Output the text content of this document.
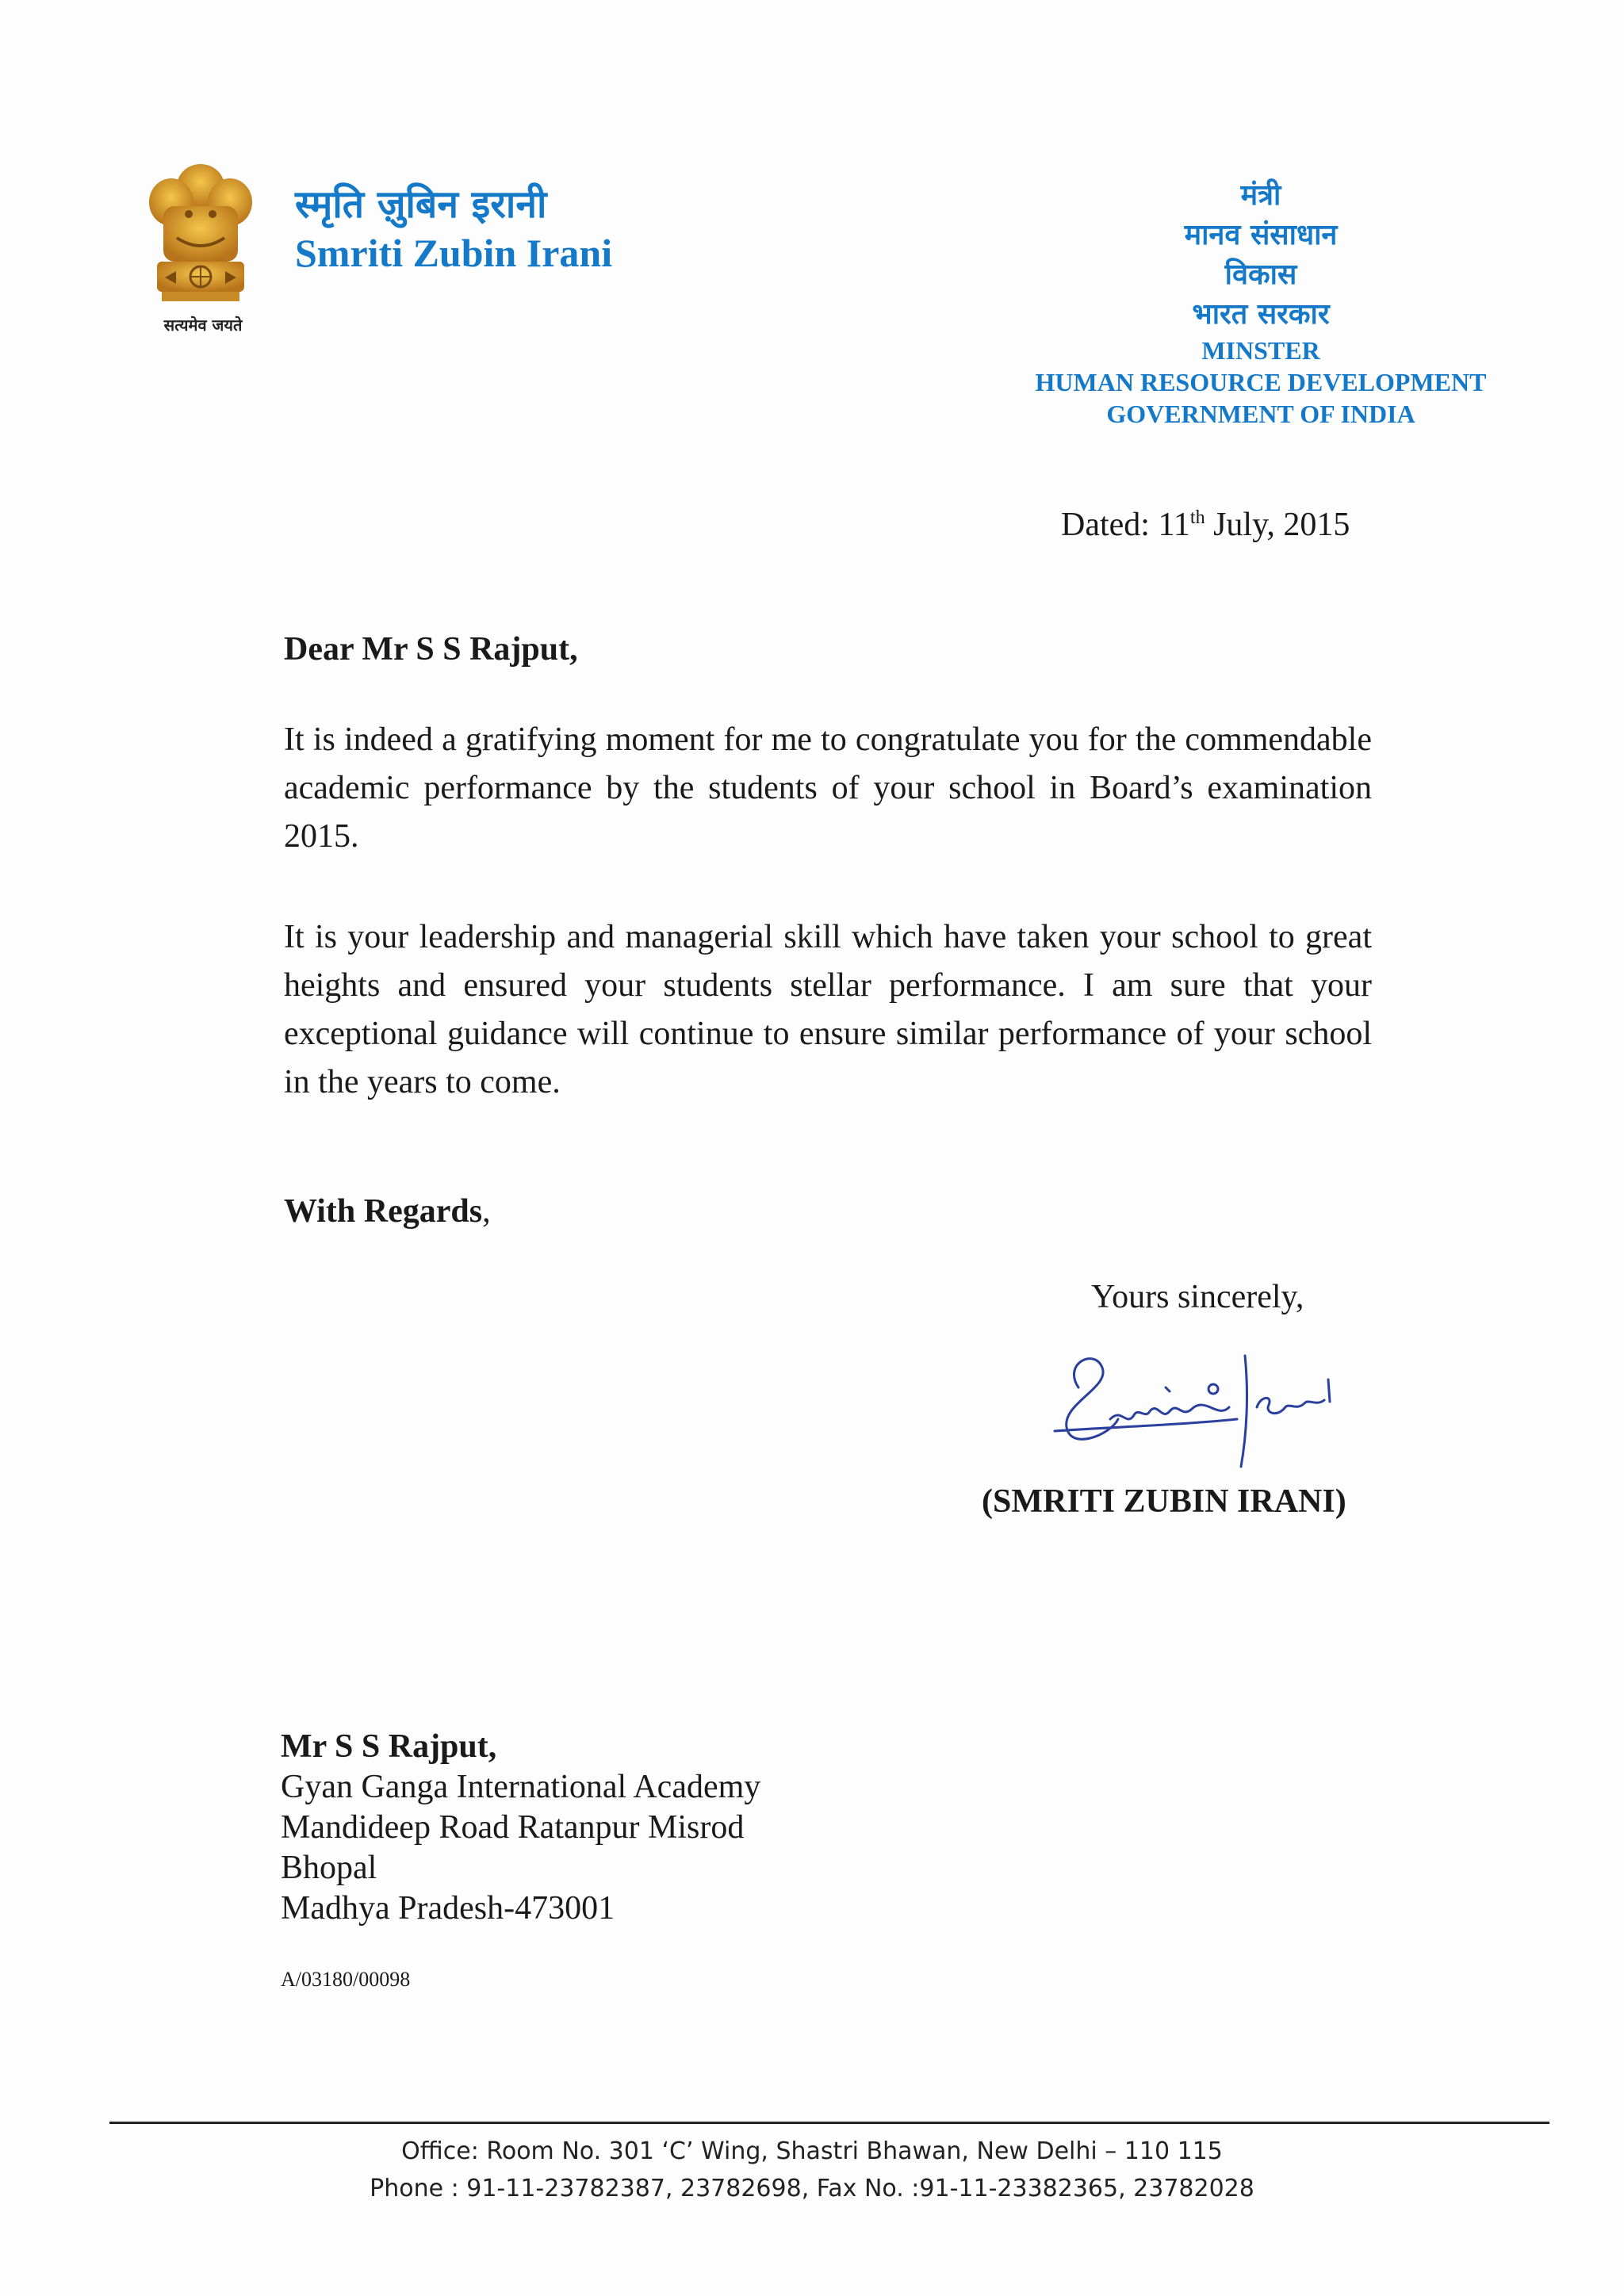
सत्यमेव जयते
स्मृति ज़ुबिन इरानी
Smriti Zubin Irani
मंत्री
मानव संसाधान
विकास
भारत सरकार
MINSTER
HUMAN RESOURCE DEVELOPMENT
GOVERNMENT OF INDIA
Dated: 11th July, 2015
Dear Mr S S Rajput,
It is indeed a gratifying moment for me to congratulate you for the commendable academic performance by the students of your school in Board’s examination 2015.
It is your leadership and managerial skill which have taken your school to great heights and ensured your students stellar performance. I am sure that your exceptional guidance will continue to ensure similar performance of your school in the years to come.
With Regards,
Yours sincerely,
(SMRITI ZUBIN IRANI)
Mr S S Rajput,
Gyan Ganga International Academy
Mandideep Road Ratanpur Misrod
Bhopal
Madhya Pradesh-473001
A/03180/00098
Office: Room No. 301 ‘C’ Wing, Shastri Bhawan, New Delhi – 110 115
Phone : 91-11-23782387, 23782698, Fax No. :91-11-23382365, 23782028
